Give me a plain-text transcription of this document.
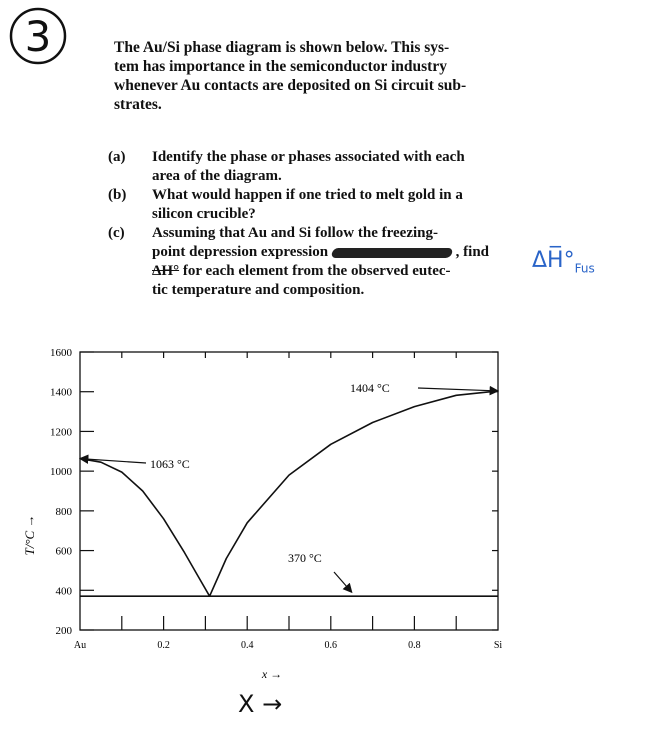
3	The Au/Si phase diagram is shown below. This sys-
tem has importance in the semiconductor industry
whenever Au contacts are deposited on Si circuit sub-
strates.
(a) Identify the phase or phases associated with each
area of the diagram.
(b) What would happen if one tried to melt gold in a
silicon crucible?
(c) Assuming that Au and Si follow the freezing-
point depression expression	, find
ΔH° for each element from the observed eutec-
tic temperature and composition.
$\Delta H̅^\circ_{Fus}$
200
400
600
800
1000
1200
1400
1600
Au	0.2	0.4	0.6	0.8	Si
1404 °C
1063 °C
370 °C
T/°C →
x →
X →
